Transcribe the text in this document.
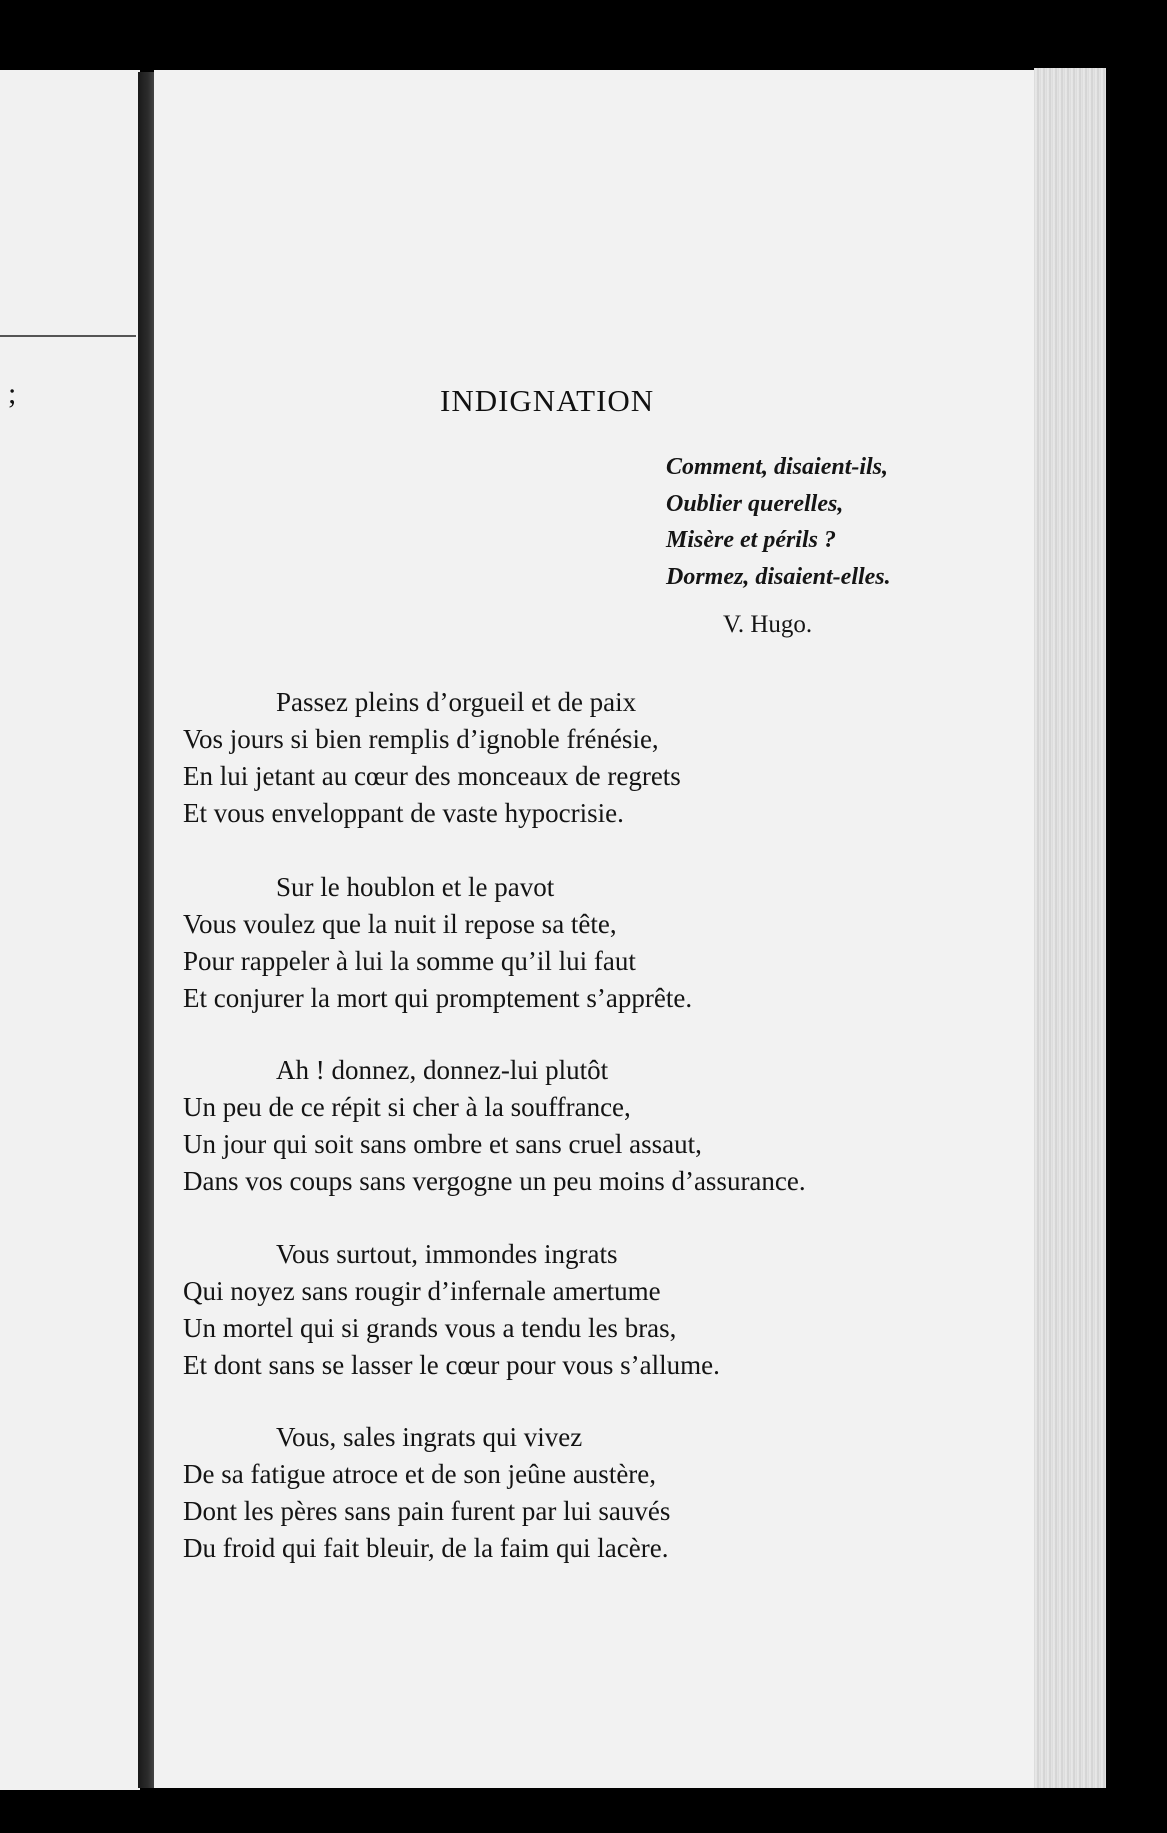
;	INDIGNATION
Comment, disaient-ils,
Oublier querelles,
Misère et périls ?
Dormez, disaient-elles.
V. Hugo.
Passez pleins d’orgueil et de paix
Vos jours si bien remplis d’ignoble frénésie,
En lui jetant au cœur des monceaux de regrets
Et vous enveloppant de vaste hypocrisie.
Sur le houblon et le pavot
Vous voulez que la nuit il repose sa tête,
Pour rappeler à lui la somme qu’il lui faut
Et conjurer la mort qui promptement s’apprête.
Ah ! donnez, donnez-lui plutôt
Un peu de ce répit si cher à la souffrance,
Un jour qui soit sans ombre et sans cruel assaut,
Dans vos coups sans vergogne un peu moins d’assurance.
Vous surtout, immondes ingrats
Qui noyez sans rougir d’infernale amertume
Un mortel qui si grands vous a tendu les bras,
Et dont sans se lasser le cœur pour vous s’allume.
Vous, sales ingrats qui vivez
De sa fatigue atroce et de son jeûne austère,
Dont les pères sans pain furent par lui sauvés
Du froid qui fait bleuir, de la faim qui lacère.
